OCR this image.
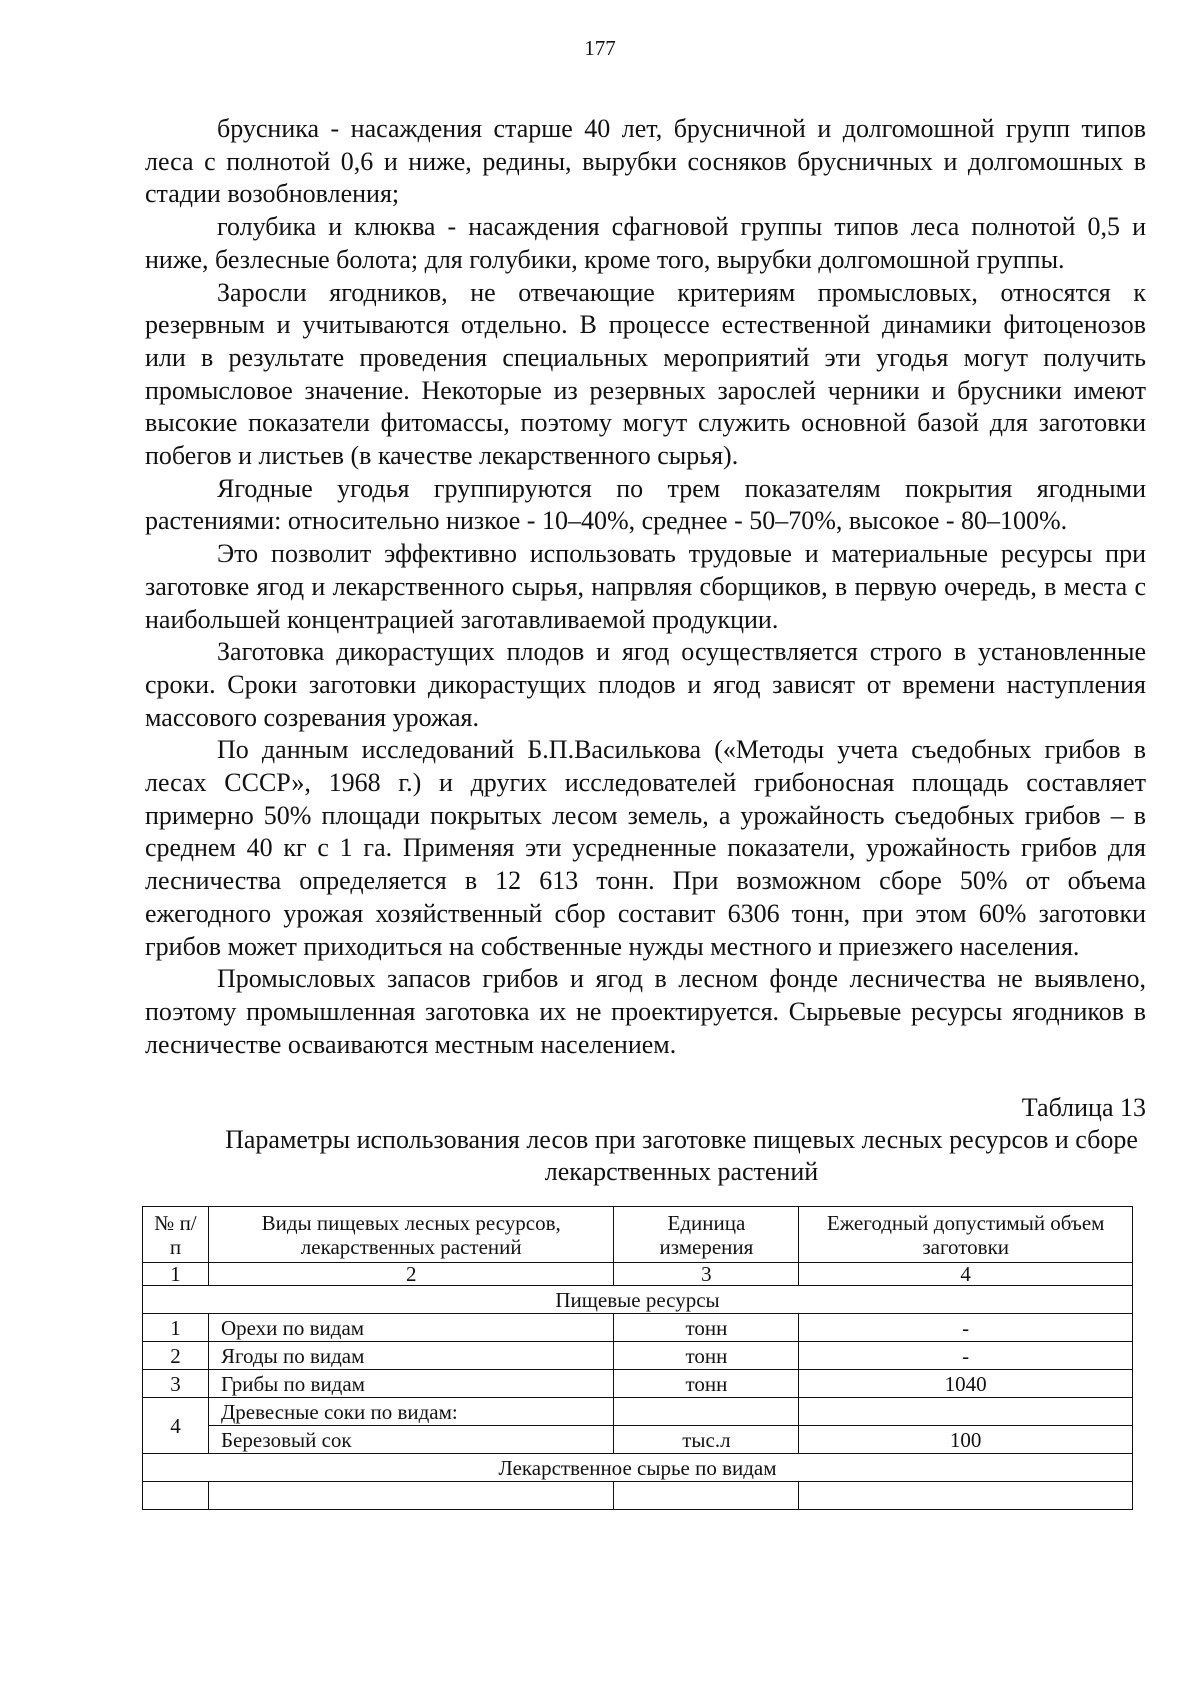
177

брусника - насаждения старше 40 лет, брусничной и долгомошной групп типов леса с полнотой 0,6 и ниже, редины, вырубки сосняков брусничных и долгомошных в стадии возобновления;

голубика и клюква - насаждения сфагновой группы типов леса полнотой 0,5 и ниже, безлесные болота; для голубики, кроме того, вырубки долгомошной группы.

Заросли ягодников, не отвечающие критериям промысловых, относятся к резервным и учитываются отдельно. В процессе естественной динамики фитоценозов или в результате проведения специальных мероприятий эти угодья могут получить промысловое значение. Некоторые из резервных зарослей черники и брусники имеют высокие показатели фитомассы, поэтому могут служить основной базой для заготовки побегов и листьев (в качестве лекарственного сырья).

Ягодные угодья группируются по трем показателям покрытия ягодными растениями: относительно низкое - 10–40%, среднее - 50–70%, высокое - 80–100%.

Это позволит эффективно использовать трудовые и материальные ресурсы при заготовке ягод и лекарственного сырья, напрвляя сборщиков, в первую очередь, в места с наибольшей концентрацией заготавливаемой продукции.

Заготовка дикорастущих плодов и ягод осуществляется строго в установленные сроки. Сроки заготовки дикорастущих плодов и ягод зависят от времени наступления массового созревания урожая.

По данным исследований Б.П.Василькова («Методы учета съедобных грибов в лесах СССР», 1968 г.) и других исследователей грибоносная площадь составляет примерно 50% площади покрытых лесом земель, а урожайность съедобных грибов – в среднем 40 кг с 1 га. Применяя эти усредненные показатели, урожайность грибов для лесничества определяется в 12 613 тонн. При возможном сборе 50% от объема ежегодного урожая хозяйственный сбор составит 6306 тонн, при этом 60% заготовки грибов может приходиться на собственные нужды местного и приезжего населения.

Промысловых запасов грибов и ягод в лесном фонде лесничества не выявлено, поэтому промышленная заготовка их не проектируется. Сырьевые ресурсы ягодников в лесничестве осваиваются местным населением.

Таблица 13
Параметры использования лесов при заготовке пищевых лесных ресурсов и сборе лекарственных растений
№ п/п	Виды пищевых лесных ресурсов, лекарственных растений	Единица измерения	Ежегодный допустимый объем заготовки
1	2	3	4
Пищевые ресурсы			
1	Орехи по видам	тонн	-
2	Ягоды по видам	тонн	-
3	Грибы по видам	тонн	1040
4	Древесные соки по видам:		
	Березовый сок	тыс.л	100
Лекарственное сырье по видам			
